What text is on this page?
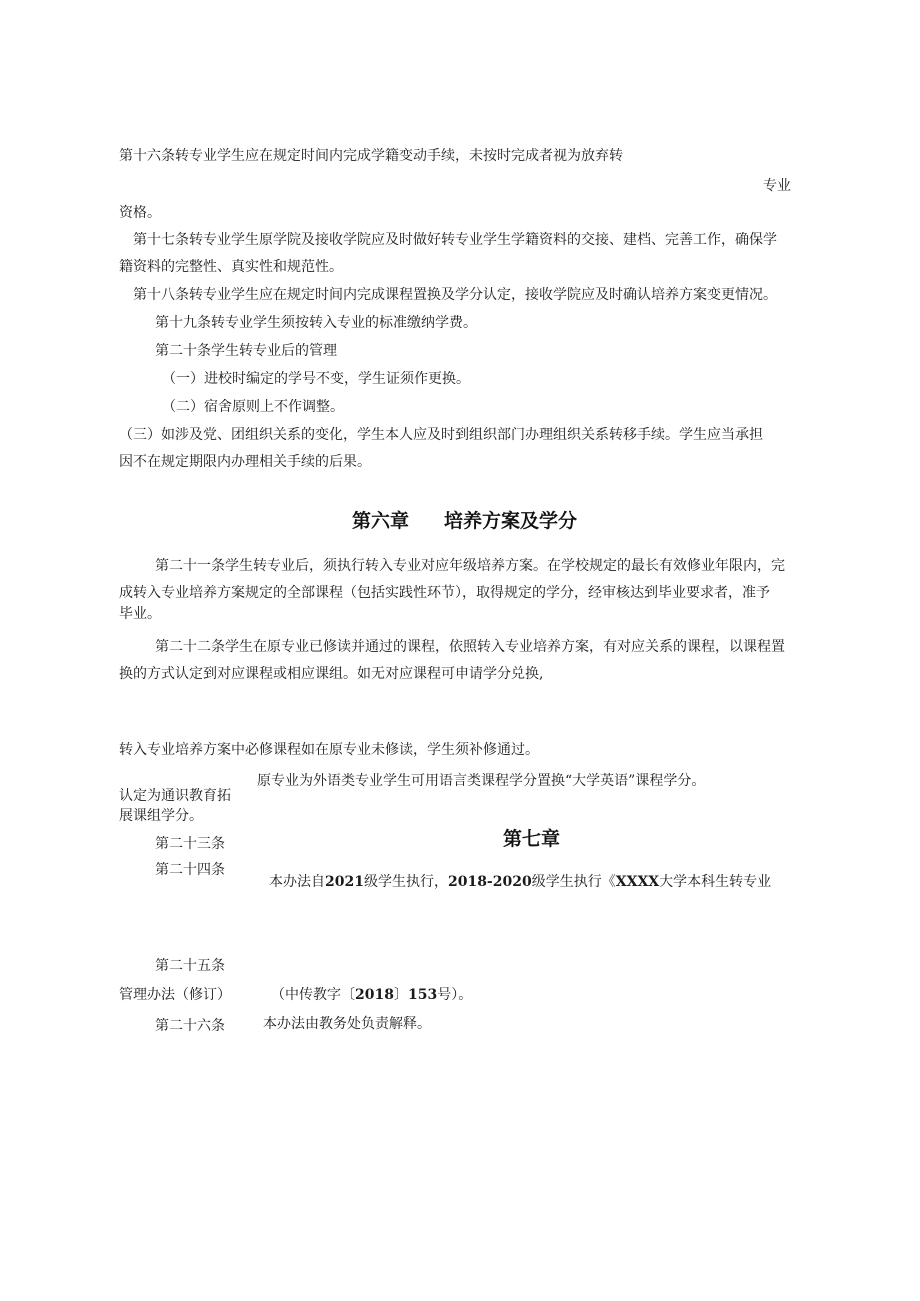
第十六条转专业学生应在规定时间内完成学籍变动手续，未按时完成者视为放弃转
专业
资格。
第十七条转专业学生原学院及接收学院应及时做好转专业学生学籍资料的交接、建档、完善工作，确保学
籍资料的完整性、真实性和规范性。
第十八条转专业学生应在规定时间内完成课程置换及学分认定，接收学院应及时确认培养方案变更情况。
第十九条转专业学生须按转入专业的标准缴纳学费。
第二十条学生转专业后的管理
（一）进校时编定的学号不变，学生证须作更换。
（二）宿舍原则上不作调整。
（三）如涉及党、团组织关系的变化，学生本人应及时到组织部门办理组织关系转移手续。学生应当承担
因不在规定期限内办理相关手续的后果。
第六章 培养方案及学分
第二十一条学生转专业后，须执行转入专业对应年级培养方案。在学校规定的最长有效修业年限内，完
成转入专业培养方案规定的全部课程（包括实践性环节），取得规定的学分，经审核达到毕业要求者，准予
毕业。
第二十二条学生在原专业已修读并通过的课程，依照转入专业培养方案，有对应关系的课程，以课程置
换的方式认定到对应课程或相应课组。如无对应课程可申请学分兑换,
转入专业培养方案中必修课程如在原专业未修读，学生须补修通过。
原专业为外语类专业学生可用语言类课程学分置换“大学英语”课程学分。
认定为通识教育拓
展课组学分。
第二十三条	第七章
第二十四条
本办法自2021级学生执行，2018-2020级学生执行《XXXX大学本科生转专业
第二十五条
管理办法（修订）	（中传教字〔2018〕153号）。
第二十六条	本办法由教务处负责解释。
